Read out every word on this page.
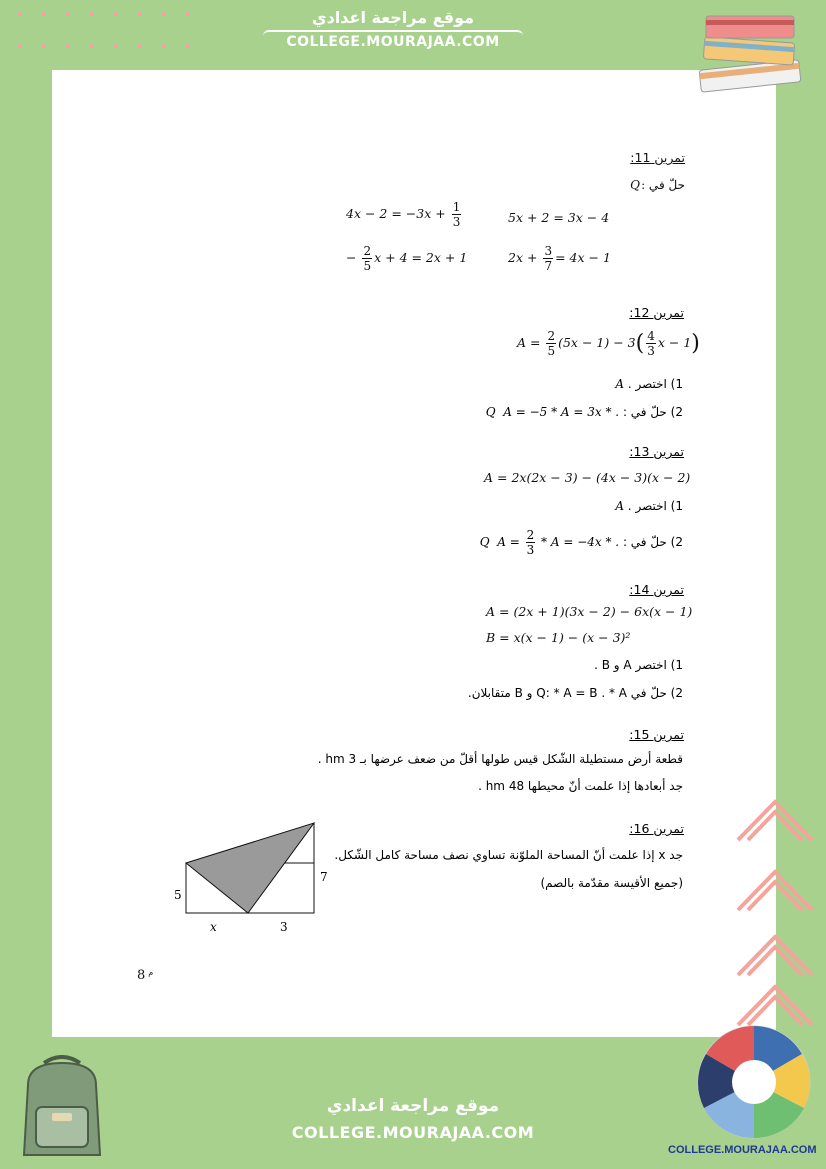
موقع مراجعة اعدادي
COLLEGE.MOURAJAA.COM
موقع مراجعة اعدادي
COLLEGE.MOURAJAA.COM
COLLEGE.MOURAJAA.COM
تمرين 11:
حلّ في :
Q
5x + 2 = 3x − 4
$4x - 2 = -3x + \frac{1}{3}$
$2x + \frac{3}{7} = 4x - 1$
− $\frac{2}{5}$ x + 4 = 2x + 1
تمرين 12:
$A = \frac{2}{5} (5x - 1) - 3( \frac{4}{3}$ x − 1)
1) اختصر . A
2) حلّ في : Q A = −5 * A = 3x * .
تمرين 13:
A = 2x(2x − 3) − (4x − 3)(x − 2)
1) اختصر A .
2) حلّ في : Q $A = \frac{2}{3} * A = -4x$ * .
تمرين 14:
A = (2x + 1)(3x − 2) − 6x(x − 1)
B = x(x − 1) − (x − 3)²
1) اختصر A و B .
2) حلّ في Q: * A = B . * A و B متقابلان.
تمرين 15:
قطعة أرض مستطيلة الشّكل قيس طولها أقلّ من ضعف عرضها بـ 3 hm .
جد أبعادها إذا علمت أنّ محيطها 48 hm .
تمرين 16:
جد x إذا علمت أنّ المساحة الملوّنة تساوي نصف مساحة كامل الشّكل.
(جميع الأقيسة مقدّمة بالصم)
5
7
x	3
8 $^م$
